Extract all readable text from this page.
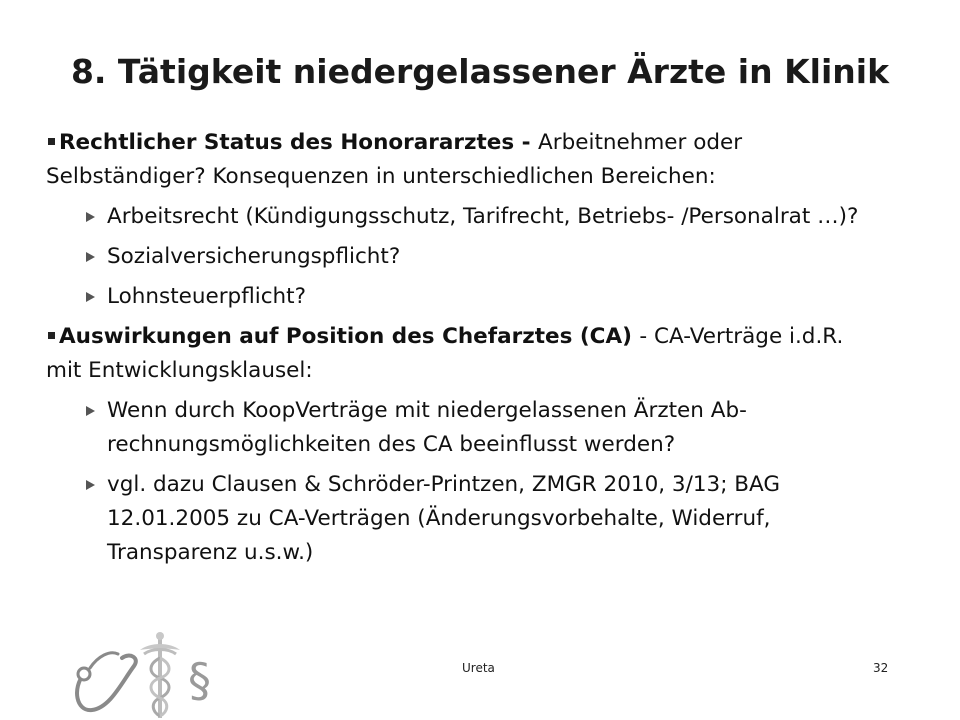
8. Tätigkeit niedergelassener Ärzte in Klinik

Rechtlicher Status des Honorararztes - Arbeitnehmer oder Selbständiger? Konsequenzen in unterschiedlichen Bereichen:

Arbeitsrecht (Kündigungsschutz, Tarifrecht, Betriebs- /Personalrat …)?
Sozialversicherungspflicht?
Lohnsteuerpflicht?

Auswirkungen auf Position des Chefarztes (CA) - CA-Verträge i.d.R. mit Entwicklungsklausel:

Wenn durch KoopVerträge mit niedergelassenen Ärzten Ab-rechnungsmöglichkeiten des CA beeinflusst werden?
vgl. dazu Clausen & Schröder-Printzen, ZMGR 2010, 3/13; BAG 12.01.2005 zu CA-Verträgen (Änderungsvorbehalte, Widerruf, Transparenz u.s.w.)
§	Ureta	32
